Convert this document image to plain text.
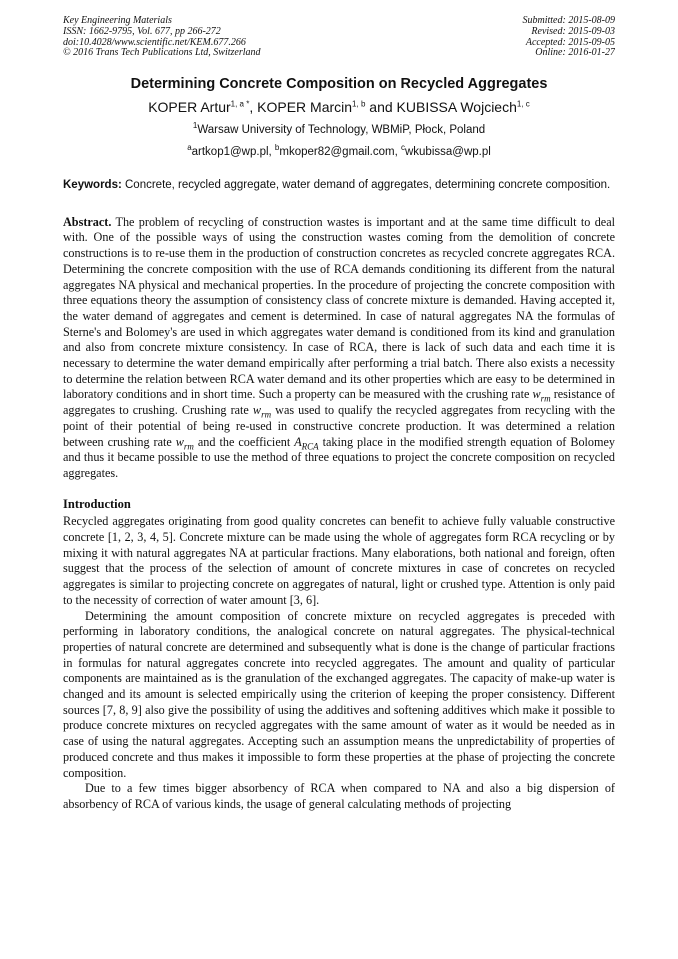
Key Engineering Materials
ISSN: 1662-9795, Vol. 677, pp 266-272
doi:10.4028/www.scientific.net/KEM.677.266
© 2016 Trans Tech Publications Ltd, Switzerland
Submitted: 2015-08-09
Revised: 2015-09-03
Accepted: 2015-09-05
Online: 2016-01-27
Determining Concrete Composition on Recycled Aggregates
KOPER Artur$^{1, a *}$, KOPER Marcin$^{1, b}$ and KUBISSA Wojciech$^{1, c}$
$^1$Warsaw University of Technology, WBMiP, Płock, Poland
$^a$artkop1@wp.pl, $^b$mkoper82@gmail.com, $^c$wkubissa@wp.pl
Keywords: Concrete, recycled aggregate, water demand of aggregates, determining concrete composition.
Abstract. The problem of recycling of construction wastes is important and at the same time difficult to deal with. One of the possible ways of using the construction wastes coming from the demolition of concrete constructions is to re-use them in the production of construction concretes as recycled concrete aggregates RCA. Determining the concrete composition with the use of RCA demands conditioning its different from the natural aggregates NA physical and mechanical properties. In the procedure of projecting the concrete composition with three equations theory the assumption of consistency class of concrete mixture is demanded. Having accepted it, the water demand of aggregates and cement is determined. In case of natural aggregates NA the formulas of Sterne's and Bolomey's are used in which aggregates water demand is conditioned from its kind and granulation and also from concrete mixture consistency. In case of RCA, there is lack of such data and each time it is necessary to determine the water demand empirically after performing a trial batch. There also exists a necessity to determine the relation between RCA water demand and its other properties which are easy to be determined in laboratory conditions and in short time. Such a property can be measured with the crushing rate $w_{rm}$ resistance of aggregates to crushing. Crushing rate $w_{rm}$ was used to qualify the recycled aggregates from recycling with the point of their potential of being re-used in constructive concrete production. It was determined a relation between crushing rate $w_{rm}$ and the coefficient $A_{RCA}$ taking place in the modified strength equation of Bolomey and thus it became possible to use the method of three equations to project the concrete composition on recycled aggregates.
Introduction

Recycled aggregates originating from good quality concretes can benefit to achieve fully valuable constructive concrete [1, 2, 3, 4, 5]. Concrete mixture can be made using the whole of aggregates form RCA recycling or by mixing it with natural aggregates NA at particular fractions. Many elaborations, both national and foreign, often suggest that the process of the selection of amount of concrete mixtures in case of concretes on recycled aggregates is similar to projecting concrete on aggregates of natural, light or crushed type. Attention is only paid to the necessity of correction of water amount [3, 6].

Determining the amount composition of concrete mixture on recycled aggregates is preceded with performing in laboratory conditions, the analogical concrete on natural aggregates. The physical-technical properties of natural concrete are determined and subsequently what is done is the change of particular fractions in formulas for natural aggregates concrete into recycled aggregates. The amount and quality of particular components are maintained as is the granulation of the exchanged aggregates. The capacity of make-up water is changed and its amount is selected empirically using the criterion of keeping the proper consistency. Different sources [7, 8, 9] also give the possibility of using the additives and softening additives which make it possible to produce concrete mixtures on recycled aggregates with the same amount of water as it would be needed as in case of using the natural aggregates. Accepting such an assumption means the unpredictability of properties of produced concrete and thus makes it impossible to form these properties at the phase of projecting the concrete composition.

Due to a few times bigger absorbency of RCA when compared to NA and also a big dispersion of absorbency of RCA of various kinds, the usage of general calculating methods of projecting
